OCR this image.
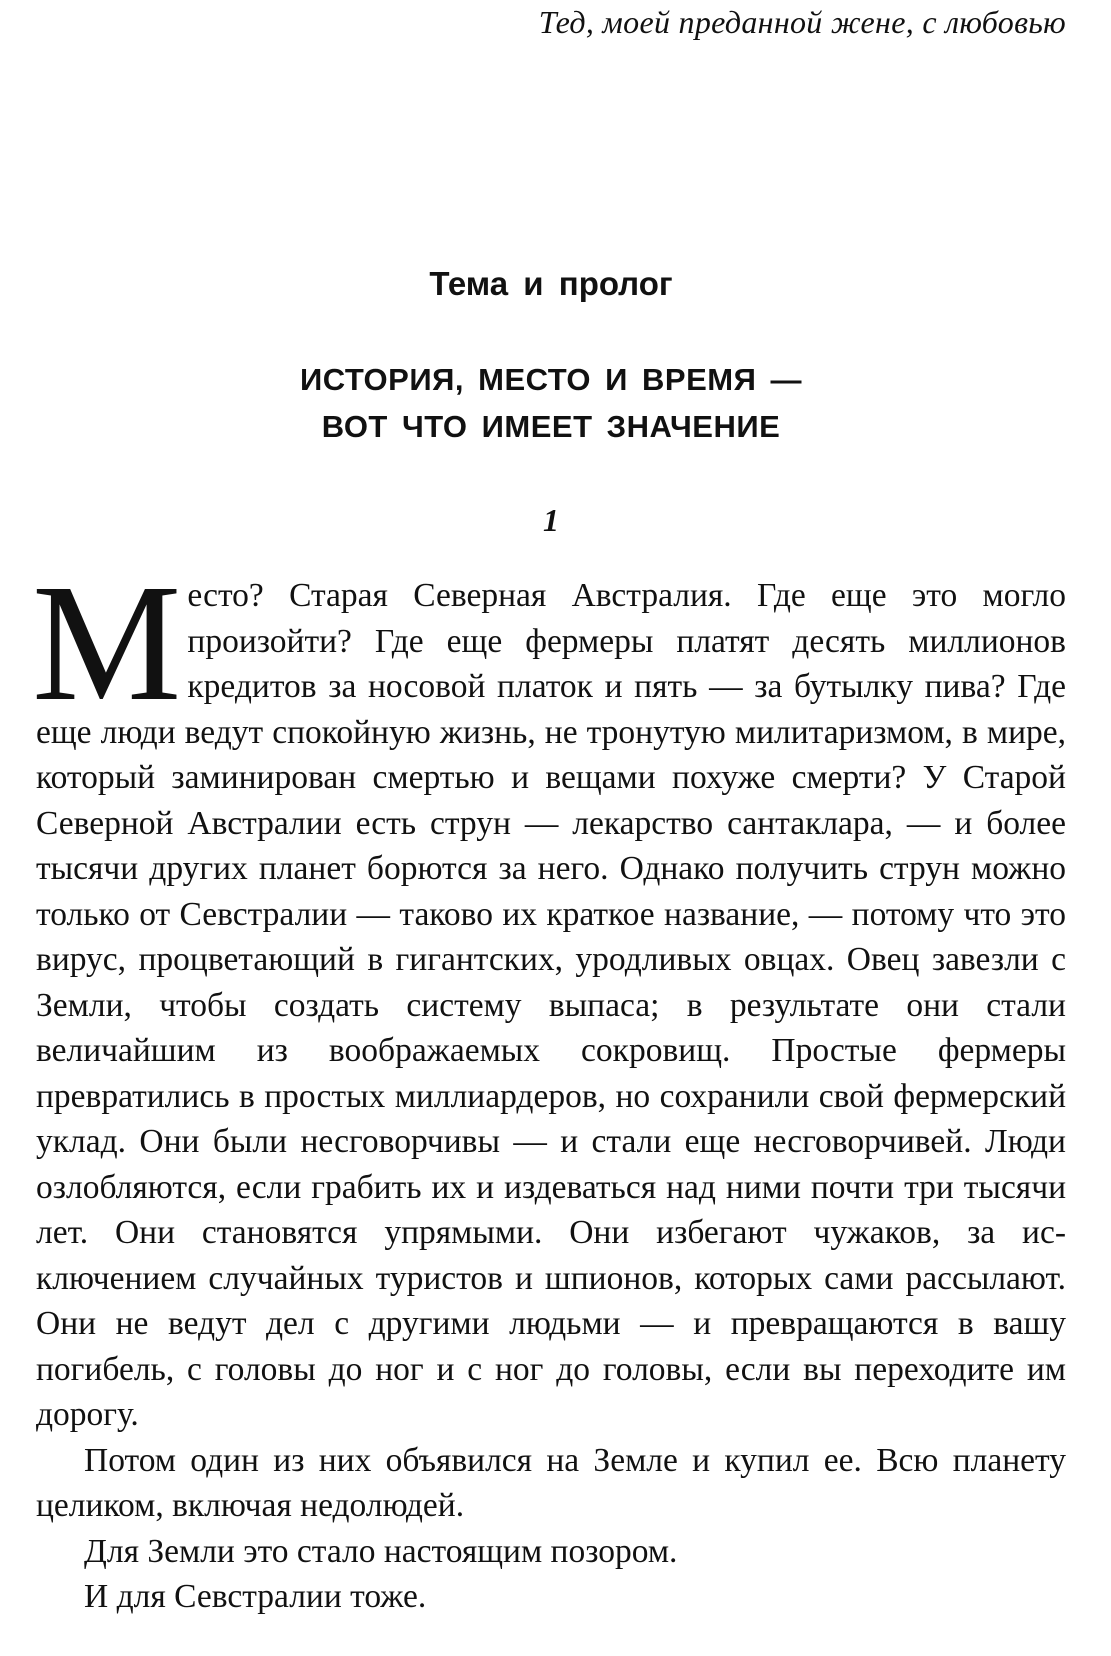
Тед, моей преданной жене, с любовью
Тема и пролог
ИСТОРИЯ, МЕСТО И ВРЕМЯ —
ВОТ ЧТО ИМЕЕТ ЗНАЧЕНИЕ
1

Место? Старая Северная Австралия. Где еще это могло произойти? Где еще фермеры платят десять миллионов кредитов за носовой платок и пять — за бутылку пива? Где еще люди ведут спокойную жизнь, не тронутую милитаризмом, в мире, который заминирован смертью и вещами похуже смерти? У Старой Северной Австралии есть струн — лекарство сантаклара, — и более тысячи других планет борются за него. Однако получить струн можно только от Севстралии — таково их краткое название, — потому что это вирус, процветающий в гигантских, уродливых овцах. Овец завезли с Земли, чтобы создать систему выпаса; в результате они стали величайшим из воображаемых сокровищ. Простые фермеры превратились в простых миллиардеров, но сохранили свой фермерский уклад. Они были несговорчивы — и стали еще несговорчивей. Люди озлобляются, если грабить их и издеваться над ними почти три тысячи лет. Они становятся упрямыми. Они избегают чужаков, за исключением случайных туристов и шпионов, которых сами рассылают. Они не ведут дел с другими людьми — и превращаются в вашу погибель, с головы до ног и с ног до головы, если вы переходите им дорогу.

Потом один из них объявился на Земле и купил ее. Всю планету целиком, включая недолюдей.

Для Земли это стало настоящим позором.

И для Севстралии тоже.
